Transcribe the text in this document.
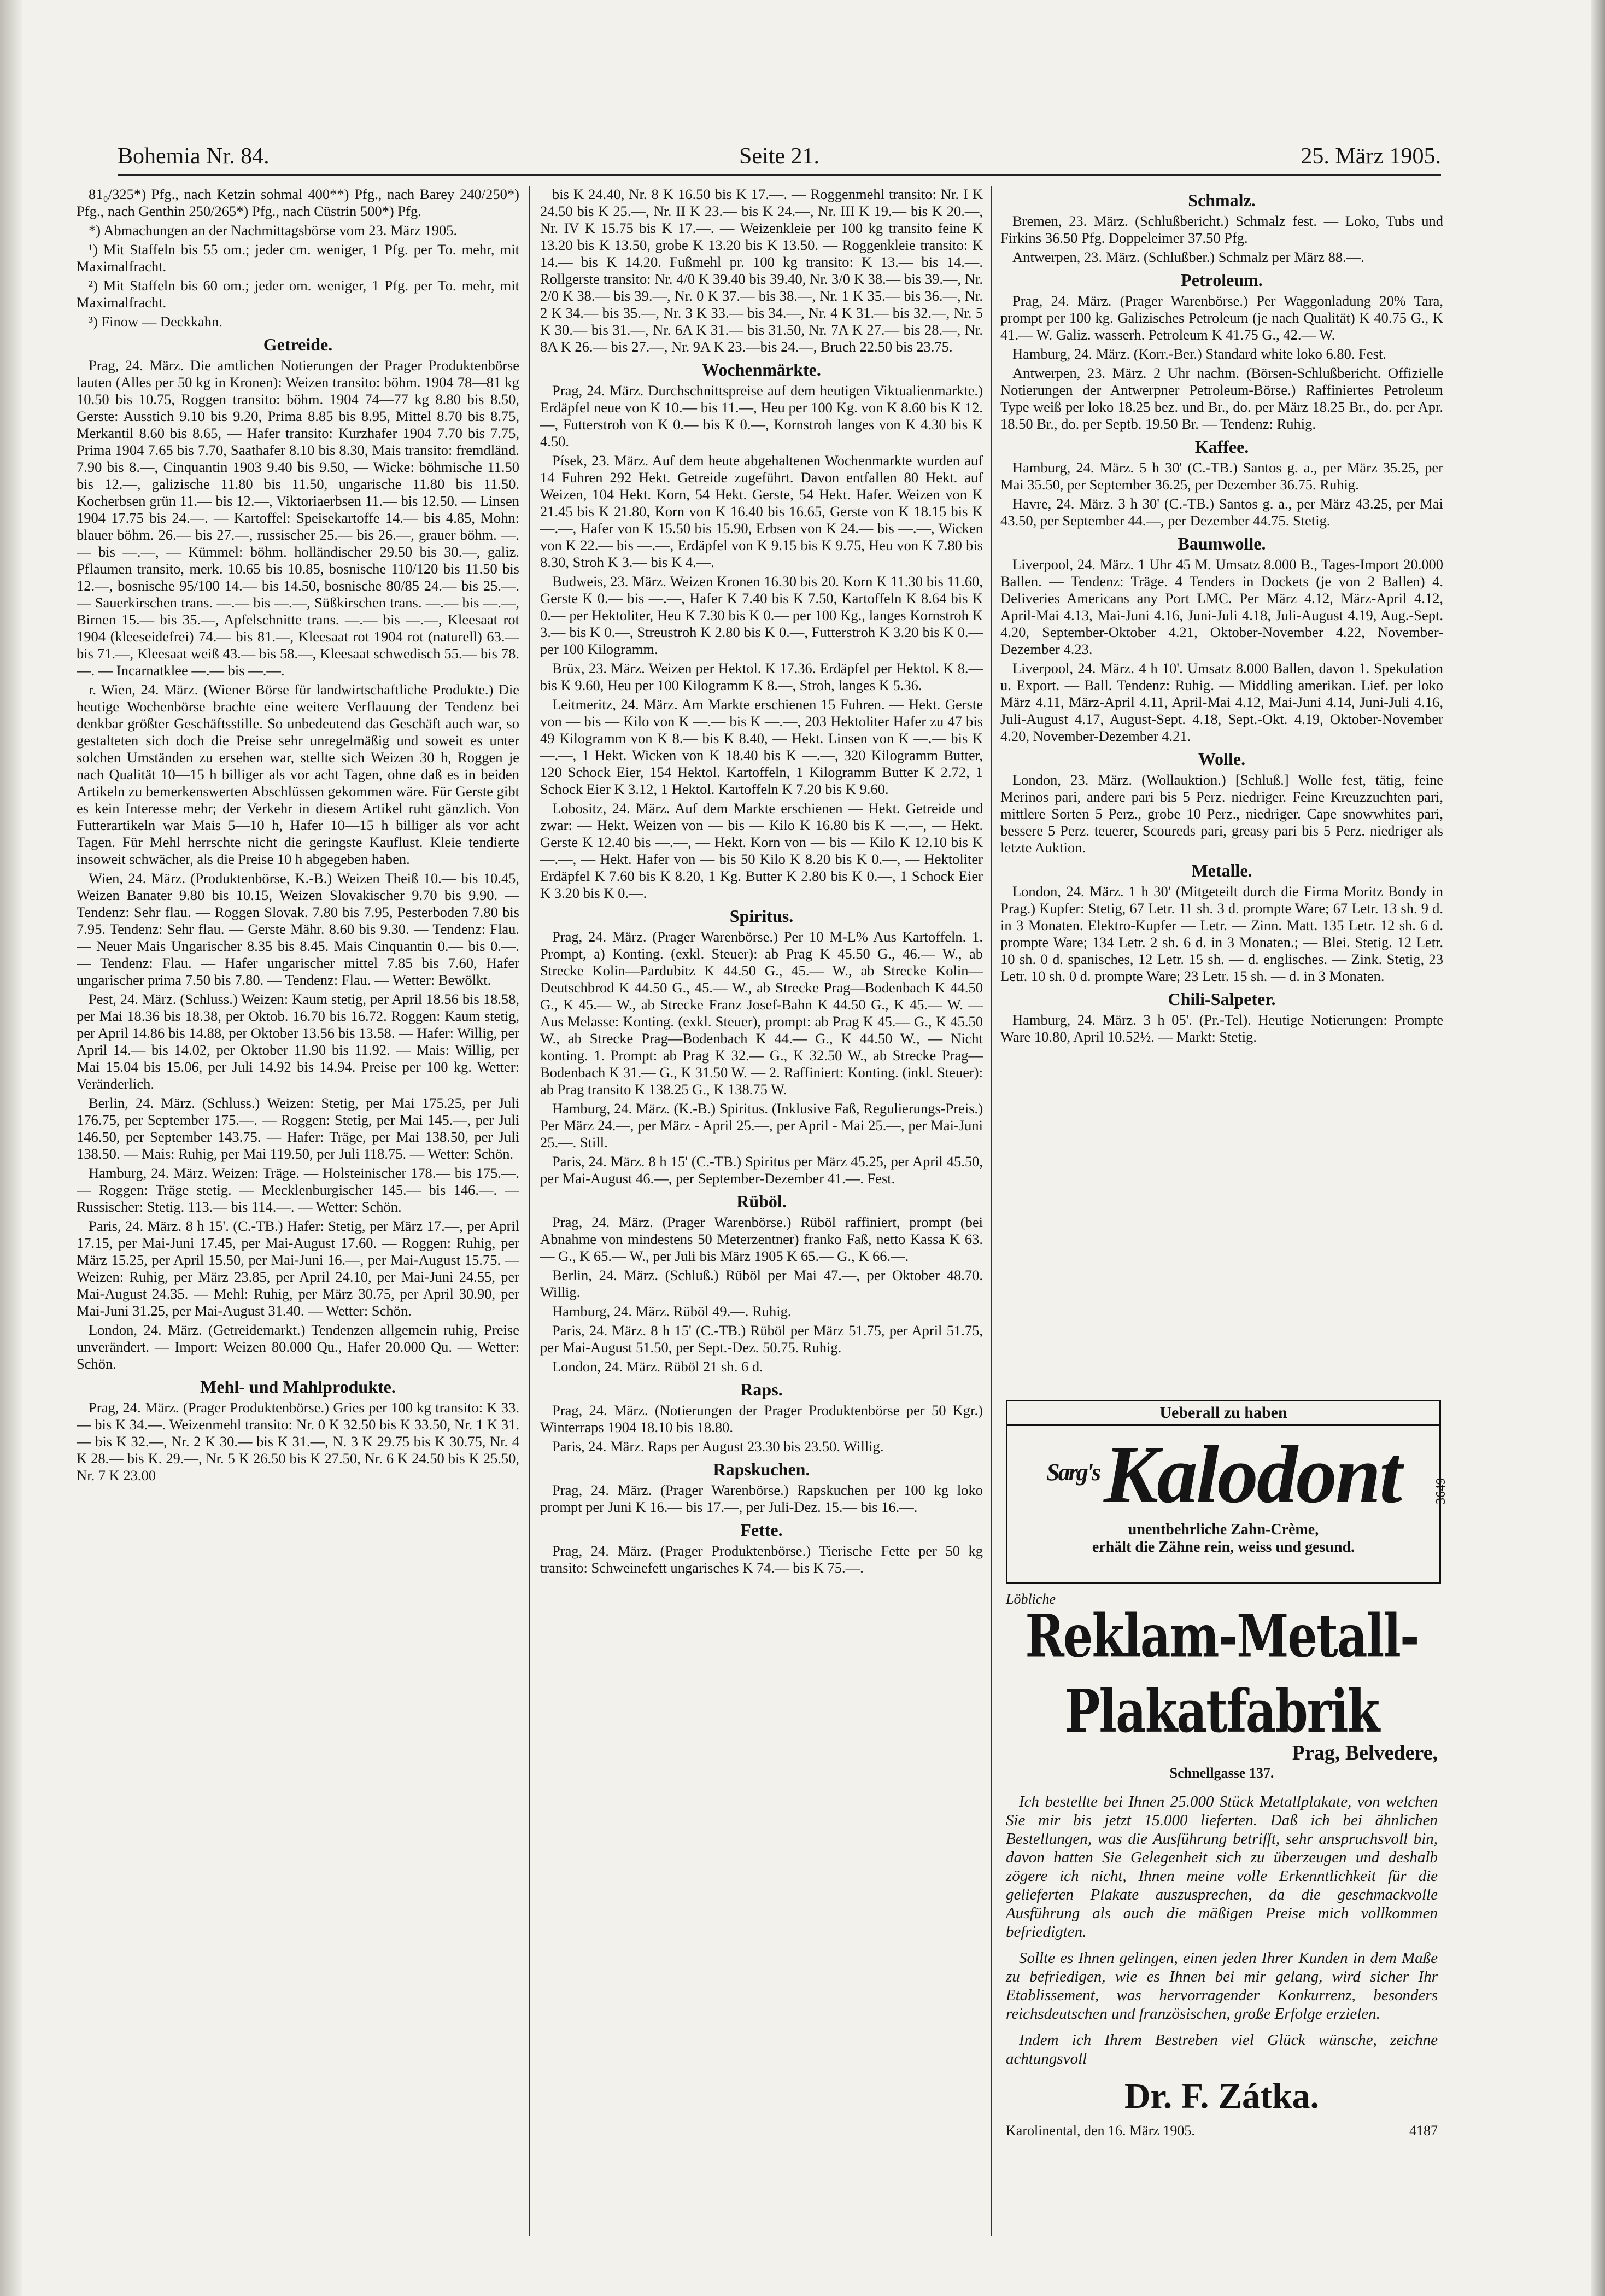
Bohemia Nr. 84.	Seite 21.	25. März 1905.

81₀/325*) Pfg., nach Ketzin sohmal 400**) Pfg., nach Barey 240/250*) Pfg., nach Genthin 250/265*) Pfg., nach Cüstrin 500*) Pfg.

*) Abmachungen an der Nachmittagsbörse vom 23. März 1905.

¹) Mit Staffeln bis 55 om.; jeder cm. weniger, 1 Pfg. per To. mehr, mit Maximalfracht.

²) Mit Staffeln bis 60 om.; jeder om. weniger, 1 Pfg. per To. mehr, mit Maximalfracht.

³) Finow — Deckkahn.

Getreide.

Prag, 24. März. Die amtlichen Notierungen der Prager Produktenbörse lauten (Alles per 50 kg in Kronen): Weizen transito: böhm. 1904 78—81 kg 10.50 bis 10.75, Roggen transito: böhm. 1904 74—77 kg 8.80 bis 8.50, Gerste: Ausstich 9.10 bis 9.20, Prima 8.85 bis 8.95, Mittel 8.70 bis 8.75, Merkantil 8.60 bis 8.65, — Hafer transito: Kurzhafer 1904 7.70 bis 7.75, Prima 1904 7.65 bis 7.70, Saathafer 8.10 bis 8.30, Mais transito: fremdländ. 7.90 bis 8.—, Cinquantin 1903 9.40 bis 9.50, — Wicke: böhmische 11.50 bis 12.—, galizische 11.80 bis 11.50, ungarische 11.80 bis 11.50. Kocherbsen grün 11.— bis 12.—, Viktoriaerbsen 11.— bis 12.50. — Linsen 1904 17.75 bis 24.—. — Kartoffel: Speisekartoffe 14.— bis 4.85, Mohn: blauer böhm. 26.— bis 27.—, russischer 25.— bis 26.—, grauer böhm. —.— bis —.—, — Kümmel: böhm. holländischer 29.50 bis 30.—, galiz. Pflaumen transito, merk. 10.65 bis 10.85, bosnische 110/120 bis 11.50 bis 12.—, bosnische 95/100 14.— bis 14.50, bosnische 80/85 24.— bis 25.—. — Sauerkirschen trans. —.— bis —.—, Süßkirschen trans. —.— bis —.—, Birnen 15.— bis 35.—, Apfelschnitte trans. —.— bis —.—, Kleesaat rot 1904 (kleeseidefrei) 74.— bis 81.—, Kleesaat rot 1904 rot (naturell) 63.— bis 71.—, Kleesaat weiß 43.— bis 58.—, Kleesaat schwedisch 55.— bis 78.—. — Incarnatklee —.— bis —.—.

r. Wien, 24. März. (Wiener Börse für landwirtschaftliche Produkte.) Die heutige Wochenbörse brachte eine weitere Verflauung der Tendenz bei denkbar größter Geschäftsstille. So unbedeutend das Geschäft auch war, so gestalteten sich doch die Preise sehr unregelmäßig und soweit es unter solchen Umständen zu ersehen war, stellte sich Weizen 30 h, Roggen je nach Qualität 10—15 h billiger als vor acht Tagen, ohne daß es in beiden Artikeln zu bemerkenswerten Abschlüssen gekommen wäre. Für Gerste gibt es kein Interesse mehr; der Verkehr in diesem Artikel ruht gänzlich. Von Futterartikeln war Mais 5—10 h, Hafer 10—15 h billiger als vor acht Tagen. Für Mehl herrschte nicht die geringste Kauflust. Kleie tendierte insoweit schwächer, als die Preise 10 h abgegeben haben.

Wien, 24. März. (Produktenbörse, K.-B.) Weizen Theiß 10.— bis 10.45, Weizen Banater 9.80 bis 10.15, Weizen Slovakischer 9.70 bis 9.90. — Tendenz: Sehr flau. — Roggen Slovak. 7.80 bis 7.95, Pesterboden 7.80 bis 7.95. Tendenz: Sehr flau. — Gerste Mähr. 8.60 bis 9.30. — Tendenz: Flau. — Neuer Mais Ungarischer 8.35 bis 8.45. Mais Cinquantin 0.— bis 0.—. — Tendenz: Flau. — Hafer ungarischer mittel 7.85 bis 7.60, Hafer ungarischer prima 7.50 bis 7.80. — Tendenz: Flau. — Wetter: Bewölkt.

Pest, 24. März. (Schluss.) Weizen: Kaum stetig, per April 18.56 bis 18.58, per Mai 18.36 bis 18.38, per Oktob. 16.70 bis 16.72. Roggen: Kaum stetig, per April 14.86 bis 14.88, per Oktober 13.56 bis 13.58. — Hafer: Willig, per April 14.— bis 14.02, per Oktober 11.90 bis 11.92. — Mais: Willig, per Mai 15.04 bis 15.06, per Juli 14.92 bis 14.94. Preise per 100 kg. Wetter: Veränderlich.

Berlin, 24. März. (Schluss.) Weizen: Stetig, per Mai 175.25, per Juli 176.75, per September 175.—. — Roggen: Stetig, per Mai 145.—, per Juli 146.50, per September 143.75. — Hafer: Träge, per Mai 138.50, per Juli 138.50. — Mais: Ruhig, per Mai 119.50, per Juli 118.75. — Wetter: Schön.

Hamburg, 24. März. Weizen: Träge. — Holsteinischer 178.— bis 175.—. — Roggen: Träge stetig. — Mecklenburgischer 145.— bis 146.—. — Russischer: Stetig. 113.— bis 114.—. — Wetter: Schön.

Paris, 24. März. 8 h 15'. (C.-TB.) Hafer: Stetig, per März 17.—, per April 17.15, per Mai-Juni 17.45, per Mai-August 17.60. — Roggen: Ruhig, per März 15.25, per April 15.50, per Mai-Juni 16.—, per Mai-August 15.75. — Weizen: Ruhig, per März 23.85, per April 24.10, per Mai-Juni 24.55, per Mai-August 24.35. — Mehl: Ruhig, per März 30.75, per April 30.90, per Mai-Juni 31.25, per Mai-August 31.40. — Wetter: Schön.

London, 24. März. (Getreidemarkt.) Tendenzen allgemein ruhig, Preise unverändert. — Import: Weizen 80.000 Qu., Hafer 20.000 Qu. — Wetter: Schön.

Mehl- und Mahlprodukte.

Prag, 24. März. (Prager Produktenbörse.) Gries per 100 kg transito: K 33.— bis K 34.—. Weizenmehl transito: Nr. 0 K 32.50 bis K 33.50, Nr. 1 K 31.— bis K 32.—, Nr. 2 K 30.— bis K 31.—, N. 3 K 29.75 bis K 30.75, Nr. 4 K 28.— bis K. 29.—, Nr. 5 K 26.50 bis K 27.50, Nr. 6 K 24.50 bis K 25.50, Nr. 7 K 23.00

bis K 24.40, Nr. 8 K 16.50 bis K 17.—. — Roggenmehl transito: Nr. I K 24.50 bis K 25.—, Nr. II K 23.— bis K 24.—, Nr. III K 19.— bis K 20.—, Nr. IV K 15.75 bis K 17.—. — Weizenkleie per 100 kg transito feine K 13.20 bis K 13.50, grobe K 13.20 bis K 13.50. — Roggenkleie transito: K 14.— bis K 14.20. Fußmehl pr. 100 kg transito: K 13.— bis 14.—. Rollgerste transito: Nr. 4/0 K 39.40 bis 39.40, Nr. 3/0 K 38.— bis 39.—, Nr. 2/0 K 38.— bis 39.—, Nr. 0 K 37.— bis 38.—, Nr. 1 K 35.— bis 36.—, Nr. 2 K 34.— bis 35.—, Nr. 3 K 33.— bis 34.—, Nr. 4 K 31.— bis 32.—, Nr. 5 K 30.— bis 31.—, Nr. 6A K 31.— bis 31.50, Nr. 7A K 27.— bis 28.—, Nr. 8A K 26.— bis 27.—, Nr. 9A K 23.—bis 24.—, Bruch 22.50 bis 23.75.

Wochenmärkte.

Prag, 24. März. Durchschnittspreise auf dem heutigen Viktualienmarkte.) Erdäpfel neue von K 10.— bis 11.—, Heu per 100 Kg. von K 8.60 bis K 12.—, Futterstroh von K 0.— bis K 0.—, Kornstroh langes von K 4.30 bis K 4.50.

Písek, 23. März. Auf dem heute abgehaltenen Wochenmarkte wurden auf 14 Fuhren 292 Hekt. Getreide zugeführt. Davon entfallen 80 Hekt. auf Weizen, 104 Hekt. Korn, 54 Hekt. Gerste, 54 Hekt. Hafer. Weizen von K 21.45 bis K 21.80, Korn von K 16.40 bis 16.65, Gerste von K 18.15 bis K —.—, Hafer von K 15.50 bis 15.90, Erbsen von K 24.— bis —.—, Wicken von K 22.— bis —.—, Erdäpfel von K 9.15 bis K 9.75, Heu von K 7.80 bis 8.30, Stroh K 3.— bis K 4.—.

Budweis, 23. März. Weizen Kronen 16.30 bis 20. Korn K 11.30 bis 11.60, Gerste K 0.— bis —.—, Hafer K 7.40 bis K 7.50, Kartoffeln K 8.64 bis K 0.— per Hektoliter, Heu K 7.30 bis K 0.— per 100 Kg., langes Kornstroh K 3.— bis K 0.—, Streustroh K 2.80 bis K 0.—, Futterstroh K 3.20 bis K 0.— per 100 Kilogramm.

Brüx, 23. März. Weizen per Hektol. K 17.36. Erdäpfel per Hektol. K 8.— bis K 9.60, Heu per 100 Kilogramm K 8.—, Stroh, langes K 5.36.

Leitmeritz, 24. März. Am Markte erschienen 15 Fuhren. — Hekt. Gerste von — bis — Kilo von K —.— bis K —.—, 203 Hektoliter Hafer zu 47 bis 49 Kilogramm von K 8.— bis K 8.40, — Hekt. Linsen von K —.— bis K —.—, 1 Hekt. Wicken von K 18.40 bis K —.—, 320 Kilogramm Butter, 120 Schock Eier, 154 Hektol. Kartoffeln, 1 Kilogramm Butter K 2.72, 1 Schock Eier K 3.12, 1 Hektol. Kartoffeln K 7.20 bis K 9.60.

Lobositz, 24. März. Auf dem Markte erschienen — Hekt. Getreide und zwar: — Hekt. Weizen von — bis — Kilo K 16.80 bis K —.—, — Hekt. Gerste K 12.40 bis —.—, — Hekt. Korn von — bis — Kilo K 12.10 bis K —.—, — Hekt. Hafer von — bis 50 Kilo K 8.20 bis K 0.—, — Hektoliter Erdäpfel K 7.60 bis K 8.20, 1 Kg. Butter K 2.80 bis K 0.—, 1 Schock Eier K 3.20 bis K 0.—.

Spiritus.

Prag, 24. März. (Prager Warenbörse.) Per 10 M-L% Aus Kartoffeln. 1. Prompt, a) Konting. (exkl. Steuer): ab Prag K 45.50 G., 46.— W., ab Strecke Kolin—Pardubitz K 44.50 G., 45.— W., ab Strecke Kolin—Deutschbrod K 44.50 G., 45.— W., ab Strecke Prag—Bodenbach K 44.50 G., K 45.— W., ab Strecke Franz Josef-Bahn K 44.50 G., K 45.— W. — Aus Melasse: Konting. (exkl. Steuer), prompt: ab Prag K 45.— G., K 45.50 W., ab Strecke Prag—Bodenbach K 44.— G., K 44.50 W., — Nicht konting. 1. Prompt: ab Prag K 32.— G., K 32.50 W., ab Strecke Prag—Bodenbach K 31.— G., K 31.50 W. — 2. Raffiniert: Konting. (inkl. Steuer): ab Prag transito K 138.25 G., K 138.75 W.

Hamburg, 24. März. (K.-B.) Spiritus. (Inklusive Faß, Regulierungs-Preis.) Per März 24.—, per März - April 25.—, per April - Mai 25.—, per Mai-Juni 25.—. Still.

Paris, 24. März. 8 h 15' (C.-TB.) Spiritus per März 45.25, per April 45.50, per Mai-August 46.—, per September-Dezember 41.—. Fest.

Rüböl.

Prag, 24. März. (Prager Warenbörse.) Rüböl raffiniert, prompt (bei Abnahme von mindestens 50 Meterzentner) franko Faß, netto Kassa K 63.— G., K 65.— W., per Juli bis März 1905 K 65.— G., K 66.—.

Berlin, 24. März. (Schluß.) Rüböl per Mai 47.—, per Oktober 48.70. Willig.

Hamburg, 24. März. Rüböl 49.—. Ruhig.

Paris, 24. März. 8 h 15' (C.-TB.) Rüböl per März 51.75, per April 51.75, per Mai-August 51.50, per Sept.-Dez. 50.75. Ruhig.

London, 24. März. Rüböl 21 sh. 6 d.

Raps.

Prag, 24. März. (Notierungen der Prager Produktenbörse per 50 Kgr.) Winterraps 1904 18.10 bis 18.80.

Paris, 24. März. Raps per August 23.30 bis 23.50. Willig.

Rapskuchen.

Prag, 24. März. (Prager Warenbörse.) Rapskuchen per 100 kg loko prompt per Juni K 16.— bis 17.—, per Juli-Dez. 15.— bis 16.—.

Fette.

Prag, 24. März. (Prager Produktenbörse.) Tierische Fette per 50 kg transito: Schweinefett ungarisches K 74.— bis K 75.—.

Schmalz.

Bremen, 23. März. (Schlußbericht.) Schmalz fest. — Loko, Tubs und Firkins 36.50 Pfg. Doppeleimer 37.50 Pfg.

Antwerpen, 23. März. (Schlußber.) Schmalz per März 88.—.

Petroleum.

Prag, 24. März. (Prager Warenbörse.) Per Waggonladung 20% Tara, prompt per 100 kg. Galizisches Petroleum (je nach Qualität) K 40.75 G., K 41.— W. Galiz. wasserh. Petroleum K 41.75 G., 42.— W.

Hamburg, 24. März. (Korr.-Ber.) Standard white loko 6.80. Fest.

Antwerpen, 23. März. 2 Uhr nachm. (Börsen-Schlußbericht. Offizielle Notierungen der Antwerpner Petroleum-Börse.) Raffiniertes Petroleum Type weiß per loko 18.25 bez. und Br., do. per März 18.25 Br., do. per Apr. 18.50 Br., do. per Septb. 19.50 Br. — Tendenz: Ruhig.

Kaffee.

Hamburg, 24. März. 5 h 30' (C.-TB.) Santos g. a., per März 35.25, per Mai 35.50, per September 36.25, per Dezember 36.75. Ruhig.

Havre, 24. März. 3 h 30' (C.-TB.) Santos g. a., per März 43.25, per Mai 43.50, per September 44.—, per Dezember 44.75. Stetig.

Baumwolle.

Liverpool, 24. März. 1 Uhr 45 M. Umsatz 8.000 B., Tages-Import 20.000 Ballen. — Tendenz: Träge. 4 Tenders in Dockets (je von 2 Ballen) 4. Deliveries Americans any Port LMC. Per März 4.12, März-April 4.12, April-Mai 4.13, Mai-Juni 4.16, Juni-Juli 4.18, Juli-August 4.19, Aug.-Sept. 4.20, September-Oktober 4.21, Oktober-November 4.22, November-Dezember 4.23.

Liverpool, 24. März. 4 h 10'. Umsatz 8.000 Ballen, davon 1. Spekulation u. Export. — Ball. Tendenz: Ruhig. — Middling amerikan. Lief. per loko März 4.11, März-April 4.11, April-Mai 4.12, Mai-Juni 4.14, Juni-Juli 4.16, Juli-August 4.17, August-Sept. 4.18, Sept.-Okt. 4.19, Oktober-November 4.20, November-Dezember 4.21.

Wolle.

London, 23. März. (Wollauktion.) [Schluß.] Wolle fest, tätig, feine Merinos pari, andere pari bis 5 Perz. niedriger. Feine Kreuzzuchten pari, mittlere Sorten 5 Perz., grobe 10 Perz., niedriger. Cape snowwhites pari, bessere 5 Perz. teuerer, Scoureds pari, greasy pari bis 5 Perz. niedriger als letzte Auktion.

Metalle.

London, 24. März. 1 h 30' (Mitgeteilt durch die Firma Moritz Bondy in Prag.) Kupfer: Stetig, 67 Letr. 11 sh. 3 d. prompte Ware; 67 Letr. 13 sh. 9 d. in 3 Monaten. Elektro-Kupfer — Letr. — Zinn. Matt. 135 Letr. 12 sh. 6 d. prompte Ware; 134 Letr. 2 sh. 6 d. in 3 Monaten.; — Blei. Stetig. 12 Letr. 10 sh. 0 d. spanisches, 12 Letr. 15 sh. — d. englisches. — Zink. Stetig, 23 Letr. 10 sh. 0 d. prompte Ware; 23 Letr. 15 sh. — d. in 3 Monaten.

Chili-Salpeter.

Hamburg, 24. März. 3 h 05'. (Pr.-Tel). Heutige Notierungen: Prompte Ware 10.80, April 10.52½. — Markt: Stetig.

Ueberall zu haben
$^{Sarg's}$Kalodont
unentbehrliche Zahn-Crème,
erhält die Zähne rein, weiss und gesund.
3649
Löbliche
Reklam-Metall-Plakatfabrik
Prag, Belvedere,
Schnellgasse 137.

Ich bestellte bei Ihnen 25.000 Stück Metallplakate, von welchen Sie mir bis jetzt 15.000 lieferten. Daß ich bei ähnlichen Bestellungen, was die Ausführung betrifft, sehr anspruchsvoll bin, davon hatten Sie Gelegenheit sich zu überzeugen und deshalb zögere ich nicht, Ihnen meine volle Erkenntlichkeit für die gelieferten Plakate auszusprechen, da die geschmackvolle Ausführung als auch die mäßigen Preise mich vollkommen befriedigten.

Sollte es Ihnen gelingen, einen jeden Ihrer Kunden in dem Maße zu befriedigen, wie es Ihnen bei mir gelang, wird sicher Ihr Etablissement, was hervorragender Konkurrenz, besonders reichsdeutschen und französischen, große Erfolge erzielen.

Indem ich Ihrem Bestreben viel Glück wünsche, zeichne achtungsvoll

Dr. F. Zátka.
Karolinental, den 16. März 1905.	4187
